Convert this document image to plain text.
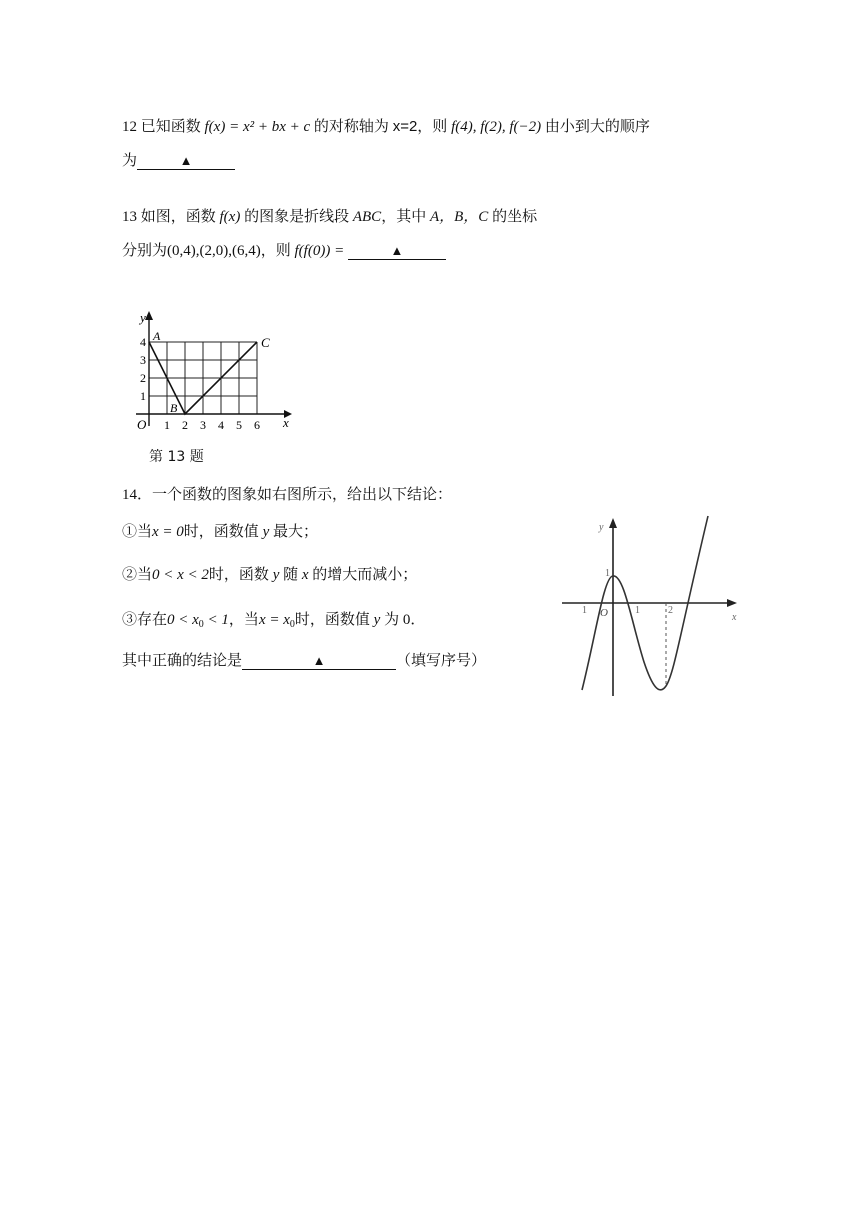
12 已知函数 f(x) = x² + bx + c 的对称轴为 x=2，则 f(4), f(2), f(−2) 由小到大的顺序
为	▲
13 如图，函数 f(x) 的图象是折线段 ABC，其中 A，B，C 的坐标
分别为(0,4),(2,0),(6,4)，则 f(f(0)) =	▲
y
x
O
A
B
C
1 2 3 4 5 6
1
2
3
4
第 13 题
14．一个函数的图象如右图所示，给出以下结论：
①当x = 0时，函数值 y 最大；
②当0 < x < 2时，函数 y 随 x 的增大而减小；
③存在$0 < x_0 < 1$，当$x = x_0$时，函数值 y 为 0．
其中正确的结论是	▲	（填写序号）
y
x
O
1	1	2
1
